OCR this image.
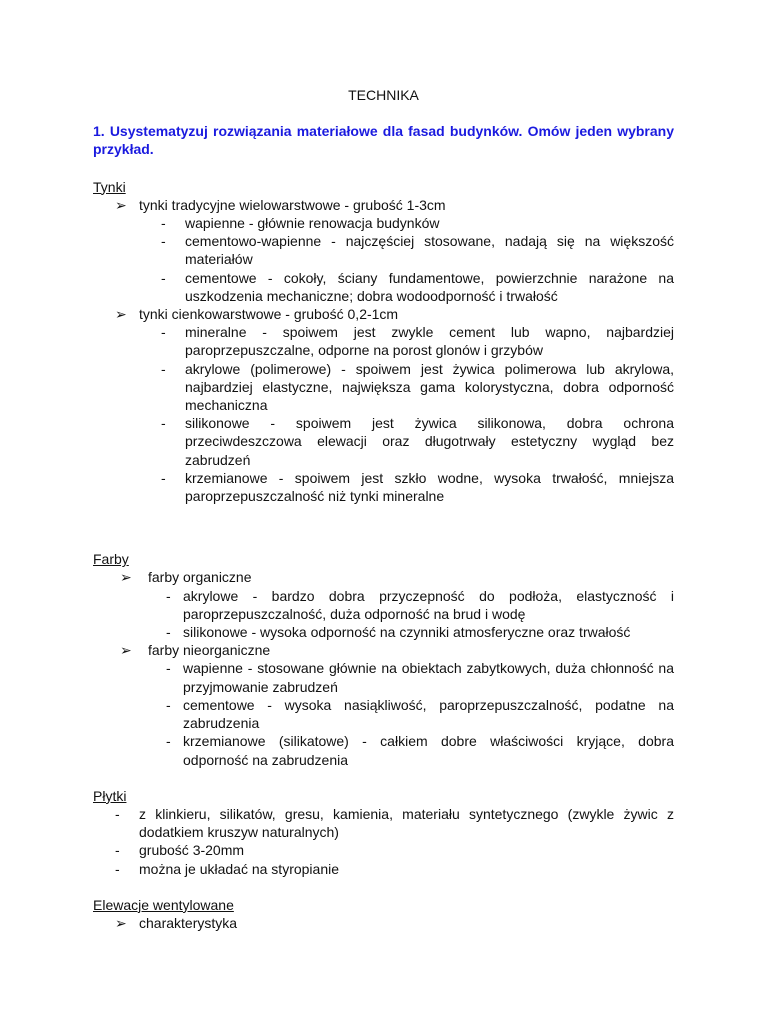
TECHNIKA
1. Usystematyzuj rozwiązania materiałowe dla fasad budynków. Omów jeden wybrany przykład.
Tynki
➢ tynki tradycyjne wielowarstwowe - grubość 1-3cm
- wapienne - głównie renowacja budynków
- cementowo-wapienne - najczęściej stosowane, nadają się na większość materiałów
- cementowe - cokoły, ściany fundamentowe, powierzchnie narażone na uszkodzenia mechaniczne; dobra wodoodporność i trwałość
➢ tynki cienkowarstwowe - grubość 0,2-1cm
- mineralne - spoiwem jest zwykle cement lub wapno, najbardziej paroprzepuszczalne, odporne na porost glonów i grzybów
- akrylowe (polimerowe) - spoiwem jest żywica polimerowa lub akrylowa, najbardziej elastyczne, największa gama kolorystyczna, dobra odporność mechaniczna
- silikonowe - spoiwem jest żywica silikonowa, dobra ochrona przeciwdeszczowa elewacji oraz długotrwały estetyczny wygląd bez zabrudzeń
- krzemianowe - spoiwem jest szkło wodne, wysoka trwałość, mniejsza paroprzepuszczalność niż tynki mineralne
Farby
➢ farby organiczne
- akrylowe - bardzo dobra przyczepność do podłoża, elastyczność i paroprzepuszczalność, duża odporność na brud i wodę
- silikonowe - wysoka odporność na czynniki atmosferyczne oraz trwałość
➢ farby nieorganiczne
- wapienne - stosowane głównie na obiektach zabytkowych, duża chłonność na przyjmowanie zabrudzeń
- cementowe - wysoka nasiąkliwość, paroprzepuszczalność, podatne na zabrudzenia
- krzemianowe (silikatowe) - całkiem dobre właściwości kryjące, dobra odporność na zabrudzenia
Płytki
- z klinkieru, silikatów, gresu, kamienia, materiału syntetycznego (zwykle żywic z dodatkiem kruszyw naturalnych)
- grubość 3-20mm
- można je układać na styropianie
Elewacje wentylowane
➢ charakterystyka
